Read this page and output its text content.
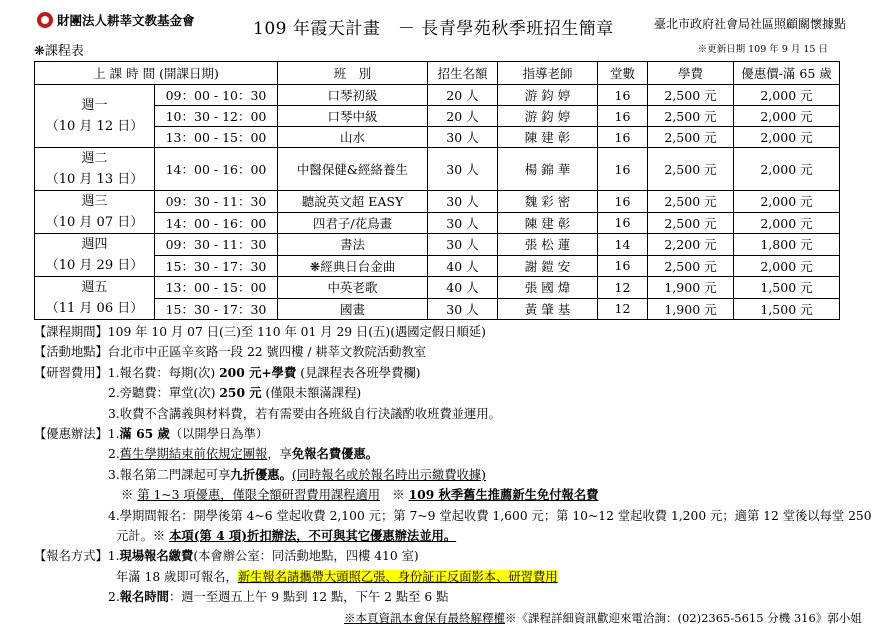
財團法人耕莘文教基金會	109 年霞天計畫　－ 長青學苑秋季班招生簡章	臺北市政府社會局社區照顧關懷據點
※更新日期 109 年 9 月 15 日
❋課程表
上 課 時 間 (開課日期)		班　別	招生名額	指導老師	堂數	學費	優惠價-滿 65 歲

週一
（10 月 12 日）	09：00 - 10：30	口琴初級	20 人	游 鈞 婷	16	2,500 元	2,000 元
	10：30 - 12：00	口琴中級	20 人	游 鈞 婷	16	2,500 元	2,000 元
	13：00 - 15：00	山水	30 人	陳 建 彰	16	2,500 元	2,000 元

週二
（10 月 13 日）	14：00 - 16：00	中醫保健&經絡養生	30 人	楊 錦 華	16	2,500 元	2,000 元

週三
（10 月 07 日）	09：30 - 11：30	聽說英文超 EASY	30 人	魏 彩 密	16	2,500 元	2,000 元
	14：00 - 16：00	四君子/花鳥畫	30 人	陳 建 彰	16	2,500 元	2,000 元

週四
（10 月 29 日）	09：30 - 11：30	書法	30 人	張 松 蓮	14	2,200 元	1,800 元
	15：30 - 17：30	❋經典日台金曲	40 人	謝 鎧 安	16	2,500 元	2,000 元

週五
（11 月 06 日）	13：00 - 15：00	中英老歌	40 人	張 國 煒	12	1,900 元	1,500 元
	15：30 - 17：30	國畫	30 人	黃 肇 基	12	1,900 元	1,500 元
【課程期間】109 年 10 月 07 日(三)至 110 年 01 月 29 日(五)(遇國定假日順延)
【活動地點】台北市中正區辛亥路一段 22 號四樓 / 耕莘文教院活動教室
【研習費用】1.報名費：每期(次) 200 元+學費 (見課程表各班學費欄)
2.旁聽費：單堂(次) 250 元 (僅限未額滿課程)
3.收費不含講義與材料費，若有需要由各班級自行決議酌收班費並運用。
【優惠辦法】1.滿 65 歲（以開學日為準）
2.舊生學期結束前依規定團報，享免報名費優惠。
3.報名第二門課起可享九折優惠。(同時報名或於報名時出示繳費收據)
※ 第 1~3 項優惠，僅限全額研習費用課程適用　 ※ 109 秋季舊生推薦新生免付報名費
4.學期間報名：開學後第 4~6 堂起收費 2,100 元；第 7~9 堂起收費 1,600 元；第 10~12 堂起收費 1,200 元；適第 12 堂後以每堂 250
元計。※ 本項(第 4 項)折扣辦法，不可與其它優惠辦法並用。
【報名方式】1.現場報名繳費(本會辦公室：同活動地點，四樓 410 室)
年滿 18 歲即可報名，新生報名請攜帶大頭照乙張、身份証正反面影本、研習費用
2.報名時間：週一至週五上午 9 點到 12 點，下午 2 點至 6 點
※本頁資訊本會保有最終解釋權※《課程詳細資訊歡迎來電洽詢：(02)2365-5615 分機 316》郭小姐
